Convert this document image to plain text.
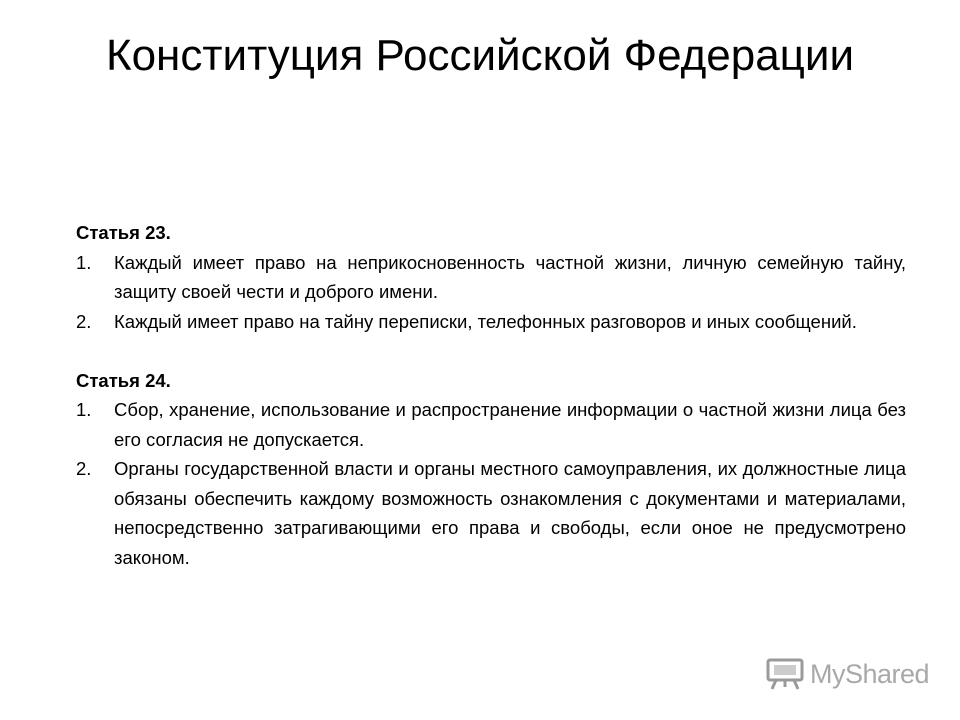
Конституция Российской Федерации
Статья 23.
1. Каждый имеет право на неприкосновенность частной жизни, личную семейную тайну, защиту своей чести и доброго имени.
2. Каждый имеет право на тайну переписки, телефонных разговоров и иных сообщений.
Статья 24.
1. Сбор, хранение, использование и распространение информации о частной жизни лица без его согласия не допускается.
2. Органы государственной власти и органы местного самоуправления, их должностные лица обязаны обеспечить каждому возможность ознакомления с документами и материалами, непосредственно затрагивающими его права и свободы, если оное не предусмотрено законом.
MyShared
